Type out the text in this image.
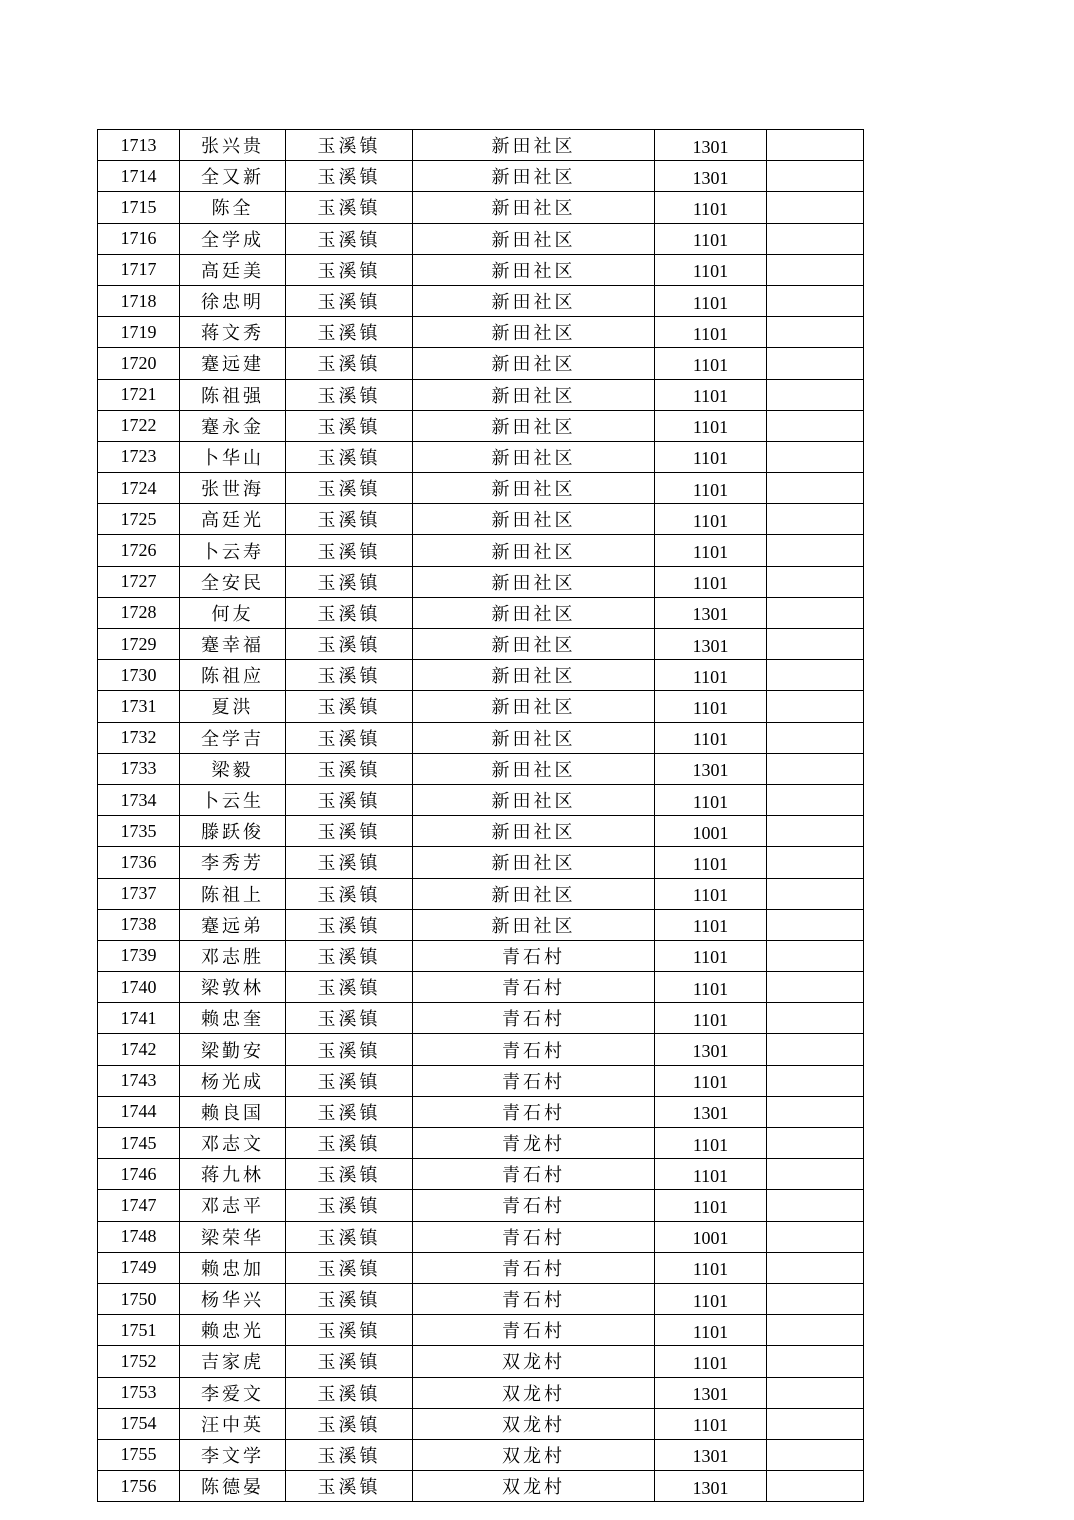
1713	张兴贵	玉溪镇	新田社区	1301	
1714	全又新	玉溪镇	新田社区	1301	
1715	陈全	玉溪镇	新田社区	1101	
1716	全学成	玉溪镇	新田社区	1101	
1717	高廷美	玉溪镇	新田社区	1101	
1718	徐忠明	玉溪镇	新田社区	1101	
1719	蒋文秀	玉溪镇	新田社区	1101	
1720	蹇远建	玉溪镇	新田社区	1101	
1721	陈祖强	玉溪镇	新田社区	1101	
1722	蹇永金	玉溪镇	新田社区	1101	
1723	卜华山	玉溪镇	新田社区	1101	
1724	张世海	玉溪镇	新田社区	1101	
1725	高廷光	玉溪镇	新田社区	1101	
1726	卜云寿	玉溪镇	新田社区	1101	
1727	全安民	玉溪镇	新田社区	1101	
1728	何友	玉溪镇	新田社区	1301	
1729	蹇幸福	玉溪镇	新田社区	1301	
1730	陈祖应	玉溪镇	新田社区	1101	
1731	夏洪	玉溪镇	新田社区	1101	
1732	全学吉	玉溪镇	新田社区	1101	
1733	梁毅	玉溪镇	新田社区	1301	
1734	卜云生	玉溪镇	新田社区	1101	
1735	滕跃俊	玉溪镇	新田社区	1001	
1736	李秀芳	玉溪镇	新田社区	1101	
1737	陈祖上	玉溪镇	新田社区	1101	
1738	蹇远弟	玉溪镇	新田社区	1101	
1739	邓志胜	玉溪镇	青石村	1101	
1740	梁敦林	玉溪镇	青石村	1101	
1741	赖忠奎	玉溪镇	青石村	1101	
1742	梁勤安	玉溪镇	青石村	1301	
1743	杨光成	玉溪镇	青石村	1101	
1744	赖良国	玉溪镇	青石村	1301	
1745	邓志文	玉溪镇	青龙村	1101	
1746	蒋九林	玉溪镇	青石村	1101	
1747	邓志平	玉溪镇	青石村	1101	
1748	梁荣华	玉溪镇	青石村	1001	
1749	赖忠加	玉溪镇	青石村	1101	
1750	杨华兴	玉溪镇	青石村	1101	
1751	赖忠光	玉溪镇	青石村	1101	
1752	吉家虎	玉溪镇	双龙村	1101	
1753	李爱文	玉溪镇	双龙村	1301	
1754	汪中英	玉溪镇	双龙村	1101	
1755	李文学	玉溪镇	双龙村	1301	
1756	陈德晏	玉溪镇	双龙村	1301	
